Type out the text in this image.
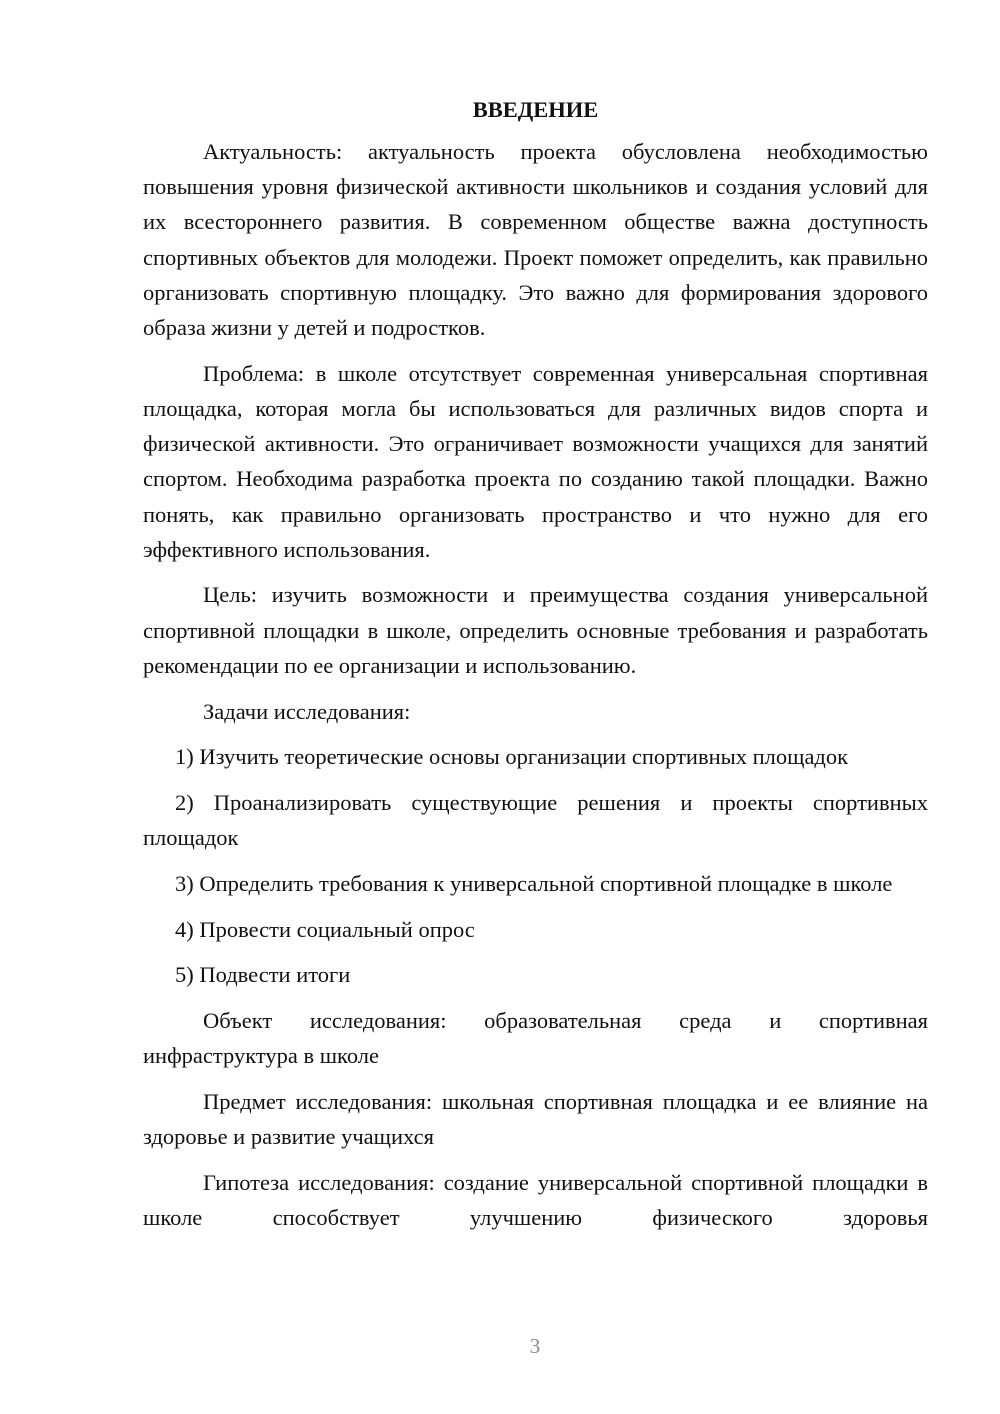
ВВЕДЕНИЕ

Актуальность: актуальность проекта обусловлена необходимостью повышения уровня физической активности школьников и создания условий для их всестороннего развития. В современном обществе важна доступность спортивных объектов для молодежи. Проект поможет определить, как правильно организовать спортивную площадку. Это важно для формирования здорового образа жизни у детей и подростков.

Проблема: в школе отсутствует современная универсальная спортивная площадка, которая могла бы использоваться для различных видов спорта и физической активности. Это ограничивает возможности учащихся для занятий спортом. Необходима разработка проекта по созданию такой площадки. Важно понять, как правильно организовать пространство и что нужно для его эффективного использования.

Цель: изучить возможности и преимущества создания универсальной спортивной площадки в школе, определить основные требования и разработать рекомендации по ее организации и использованию.

Задачи исследования:

1) Изучить теоретические основы организации спортивных площадок

2) Проанализировать существующие решения и проекты спортивных площадок

3) Определить требования к универсальной спортивной площадке в школе

4) Провести социальный опрос

5) Подвести итоги

Объект исследования: образовательная среда и спортивная инфраструктура в школе

Предмет исследования: школьная спортивная площадка и ее влияние на здоровье и развитие учащихся

Гипотеза исследования: создание универсальной спортивной площадки в школе способствует улучшению физического здоровья

3
